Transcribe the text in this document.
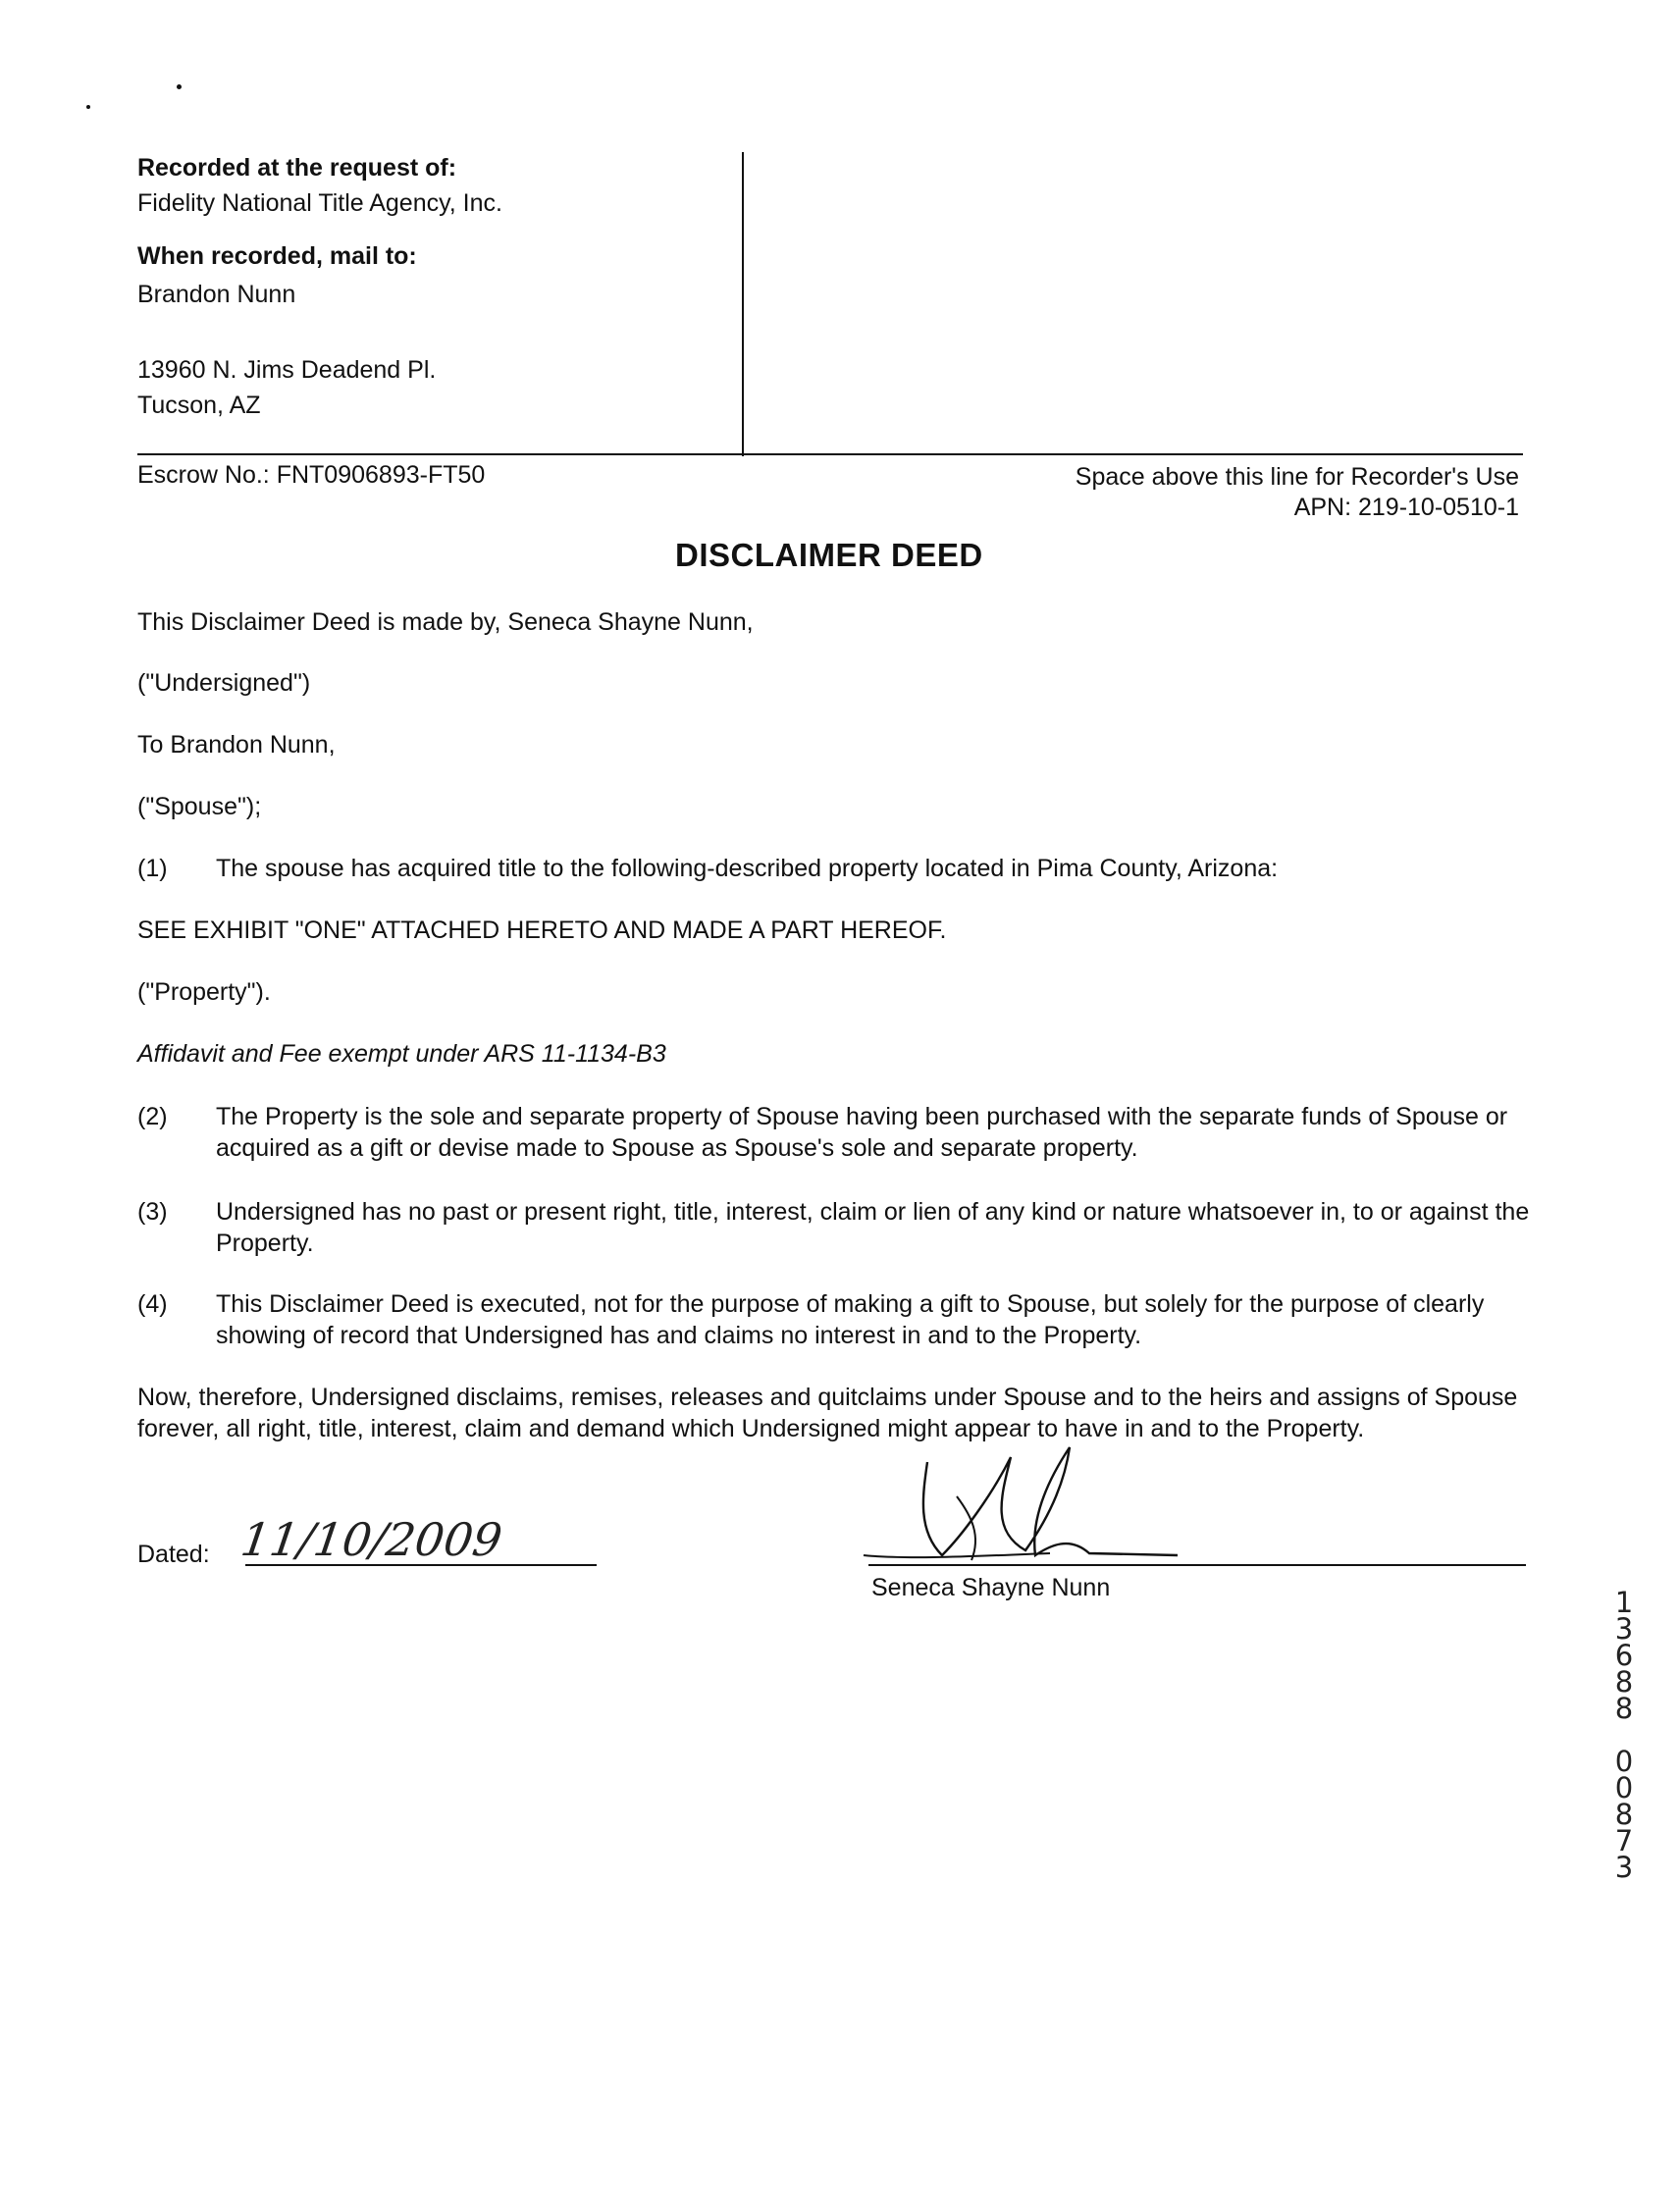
Recorded at the request of:
Fidelity National Title Agency, Inc.
When recorded, mail to:
Brandon Nunn
13960 N. Jims Deadend Pl.
Tucson, AZ
Escrow No.: FNT0906893-FT50	Space above this line for Recorder's Use
APN: 219-10-0510-1
DISCLAIMER DEED
This Disclaimer Deed is made by, Seneca Shayne Nunn,
("Undersigned")
To Brandon Nunn,
("Spouse");
(1) The spouse has acquired title to the following-described property located in Pima County, Arizona:
SEE EXHIBIT "ONE" ATTACHED HERETO AND MADE A PART HEREOF.
("Property").
Affidavit and Fee exempt under ARS 11-1134-B3
(2) The Property is the sole and separate property of Spouse having been purchased with the separate funds of Spouse or acquired as a gift or devise made to Spouse as Spouse's sole and separate property.
(3) Undersigned has no past or present right, title, interest, claim or lien of any kind or nature whatsoever in, to or against the Property.
(4) This Disclaimer Deed is executed, not for the purpose of making a gift to Spouse, but solely for the purpose of clearly showing of record that Undersigned has and claims no interest in and to the Property.
Now, therefore, Undersigned disclaims, remises, releases and quitclaims under Spouse and to the heirs and assigns of Spouse forever, all right, title, interest, claim and demand which Undersigned might appear to have in and to the Property.
Dated: 11/10/2009
Seneca Shayne Nunn	1
3
6
8
8
0
0
8
7
3
